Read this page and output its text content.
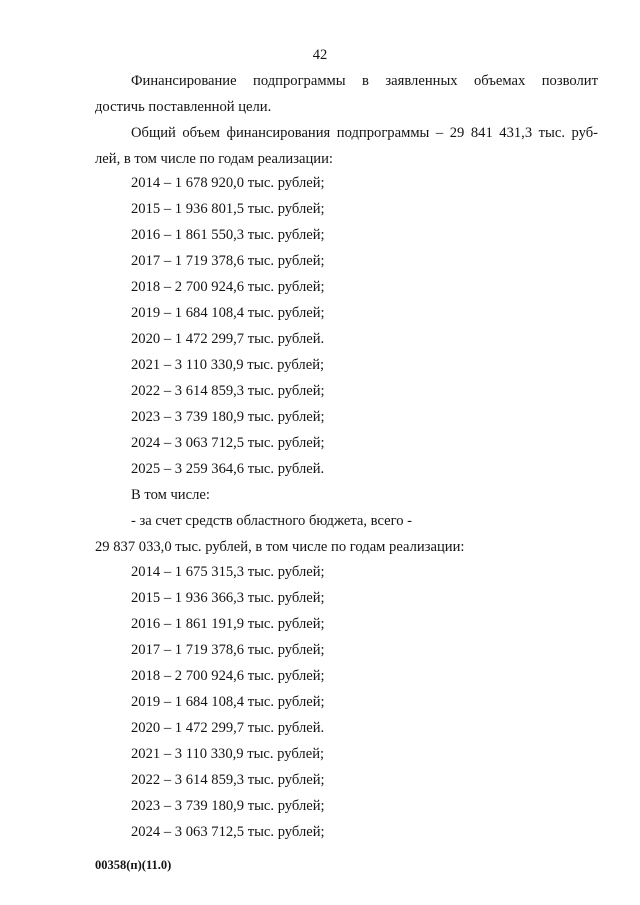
42
Финансирование подпрограммы в заявленных объемах позволит
достичь поставленной цели.
Общий объем финансирования подпрограммы – 29 841 431,3 тыс. руб-
лей, в том числе по годам реализации:
2014 – 1 678 920,0 тыс. рублей;
2015 – 1 936 801,5 тыс. рублей;
2016 – 1 861 550,3 тыс. рублей;
2017 – 1 719 378,6 тыс. рублей;
2018 – 2 700 924,6 тыс. рублей;
2019 – 1 684 108,4 тыс. рублей;
2020 – 1 472 299,7 тыс. рублей.
2021 – 3 110 330,9 тыс. рублей;
2022 – 3 614 859,3 тыс. рублей;
2023 – 3 739 180,9 тыс. рублей;
2024 – 3 063 712,5 тыс. рублей;
2025 – 3 259 364,6 тыс. рублей.
В том числе:
- за счет средств областного бюджета, всего -
29 837 033,0 тыс. рублей, в том числе по годам реализации:
2014 – 1 675 315,3 тыс. рублей;
2015 – 1 936 366,3 тыс. рублей;
2016 – 1 861 191,9 тыс. рублей;
2017 – 1 719 378,6 тыс. рублей;
2018 – 2 700 924,6 тыс. рублей;
2019 – 1 684 108,4 тыс. рублей;
2020 – 1 472 299,7 тыс. рублей.
2021 – 3 110 330,9 тыс. рублей;
2022 – 3 614 859,3 тыс. рублей;
2023 – 3 739 180,9 тыс. рублей;
2024 – 3 063 712,5 тыс. рублей;
00358(п)(11.0)
